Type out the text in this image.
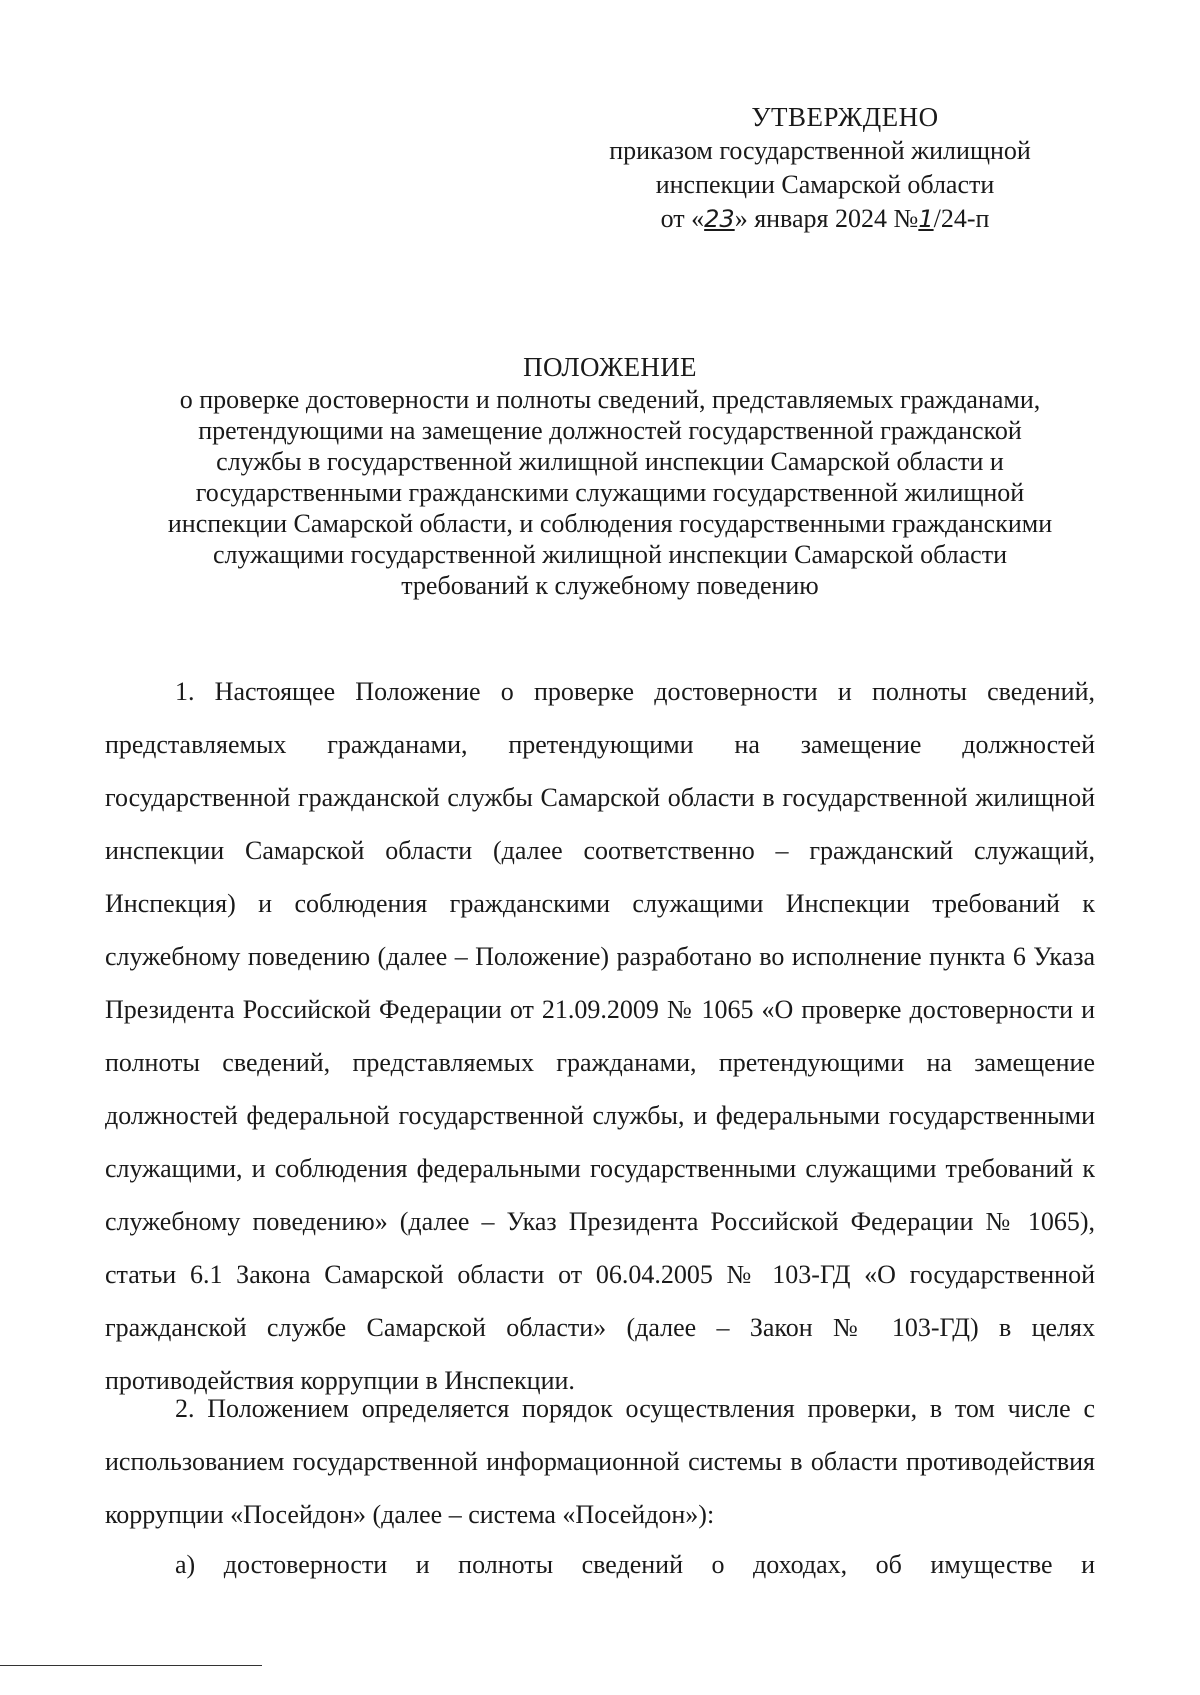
УТВЕРЖДЕНО
приказом государственной жилищной
инспекции Самарской области
от «23» января 2024 №1/24-п
ПОЛОЖЕНИЕ
о проверке достоверности и полноты сведений, представляемых гражданами,
претендующими на замещение должностей государственной гражданской
службы в государственной жилищной инспекции Самарской области и
государственными гражданскими служащими государственной жилищной
инспекции Самарской области, и соблюдения государственными гражданскими
служащими государственной жилищной инспекции Самарской области
требований к служебному поведению

1. Настоящее Положение о проверке достоверности и полноты сведений, представляемых гражданами, претендующими на замещение должностей государственной гражданской службы Самарской области в государственной жилищной инспекции Самарской области (далее соответственно – гражданский служащий, Инспекция) и соблюдения гражданскими служащими Инспекции требований к служебному поведению (далее – Положение) разработано во исполнение пункта 6 Указа Президента Российской Федерации от 21.09.2009 № 1065 «О проверке достоверности и полноты сведений, представляемых гражданами, претендующими на замещение должностей федеральной государственной службы, и федеральными государственными служащими, и соблюдения федеральными государственными служащими требований к служебному поведению» (далее – Указ Президента Российской Федерации № 1065), статьи 6.1 Закона Самарской области от 06.04.2005 № 103-ГД «О государственной гражданской службе Самарской области» (далее – Закон № 103-ГД) в целях противодействия коррупции в Инспекции.

2. Положением определяется порядок осуществления проверки, в том числе с использованием государственной информационной системы в области противодействия коррупции «Посейдон» (далее – система «Посейдон»):

а) достоверности и полноты сведений о доходах, об имуществе и
